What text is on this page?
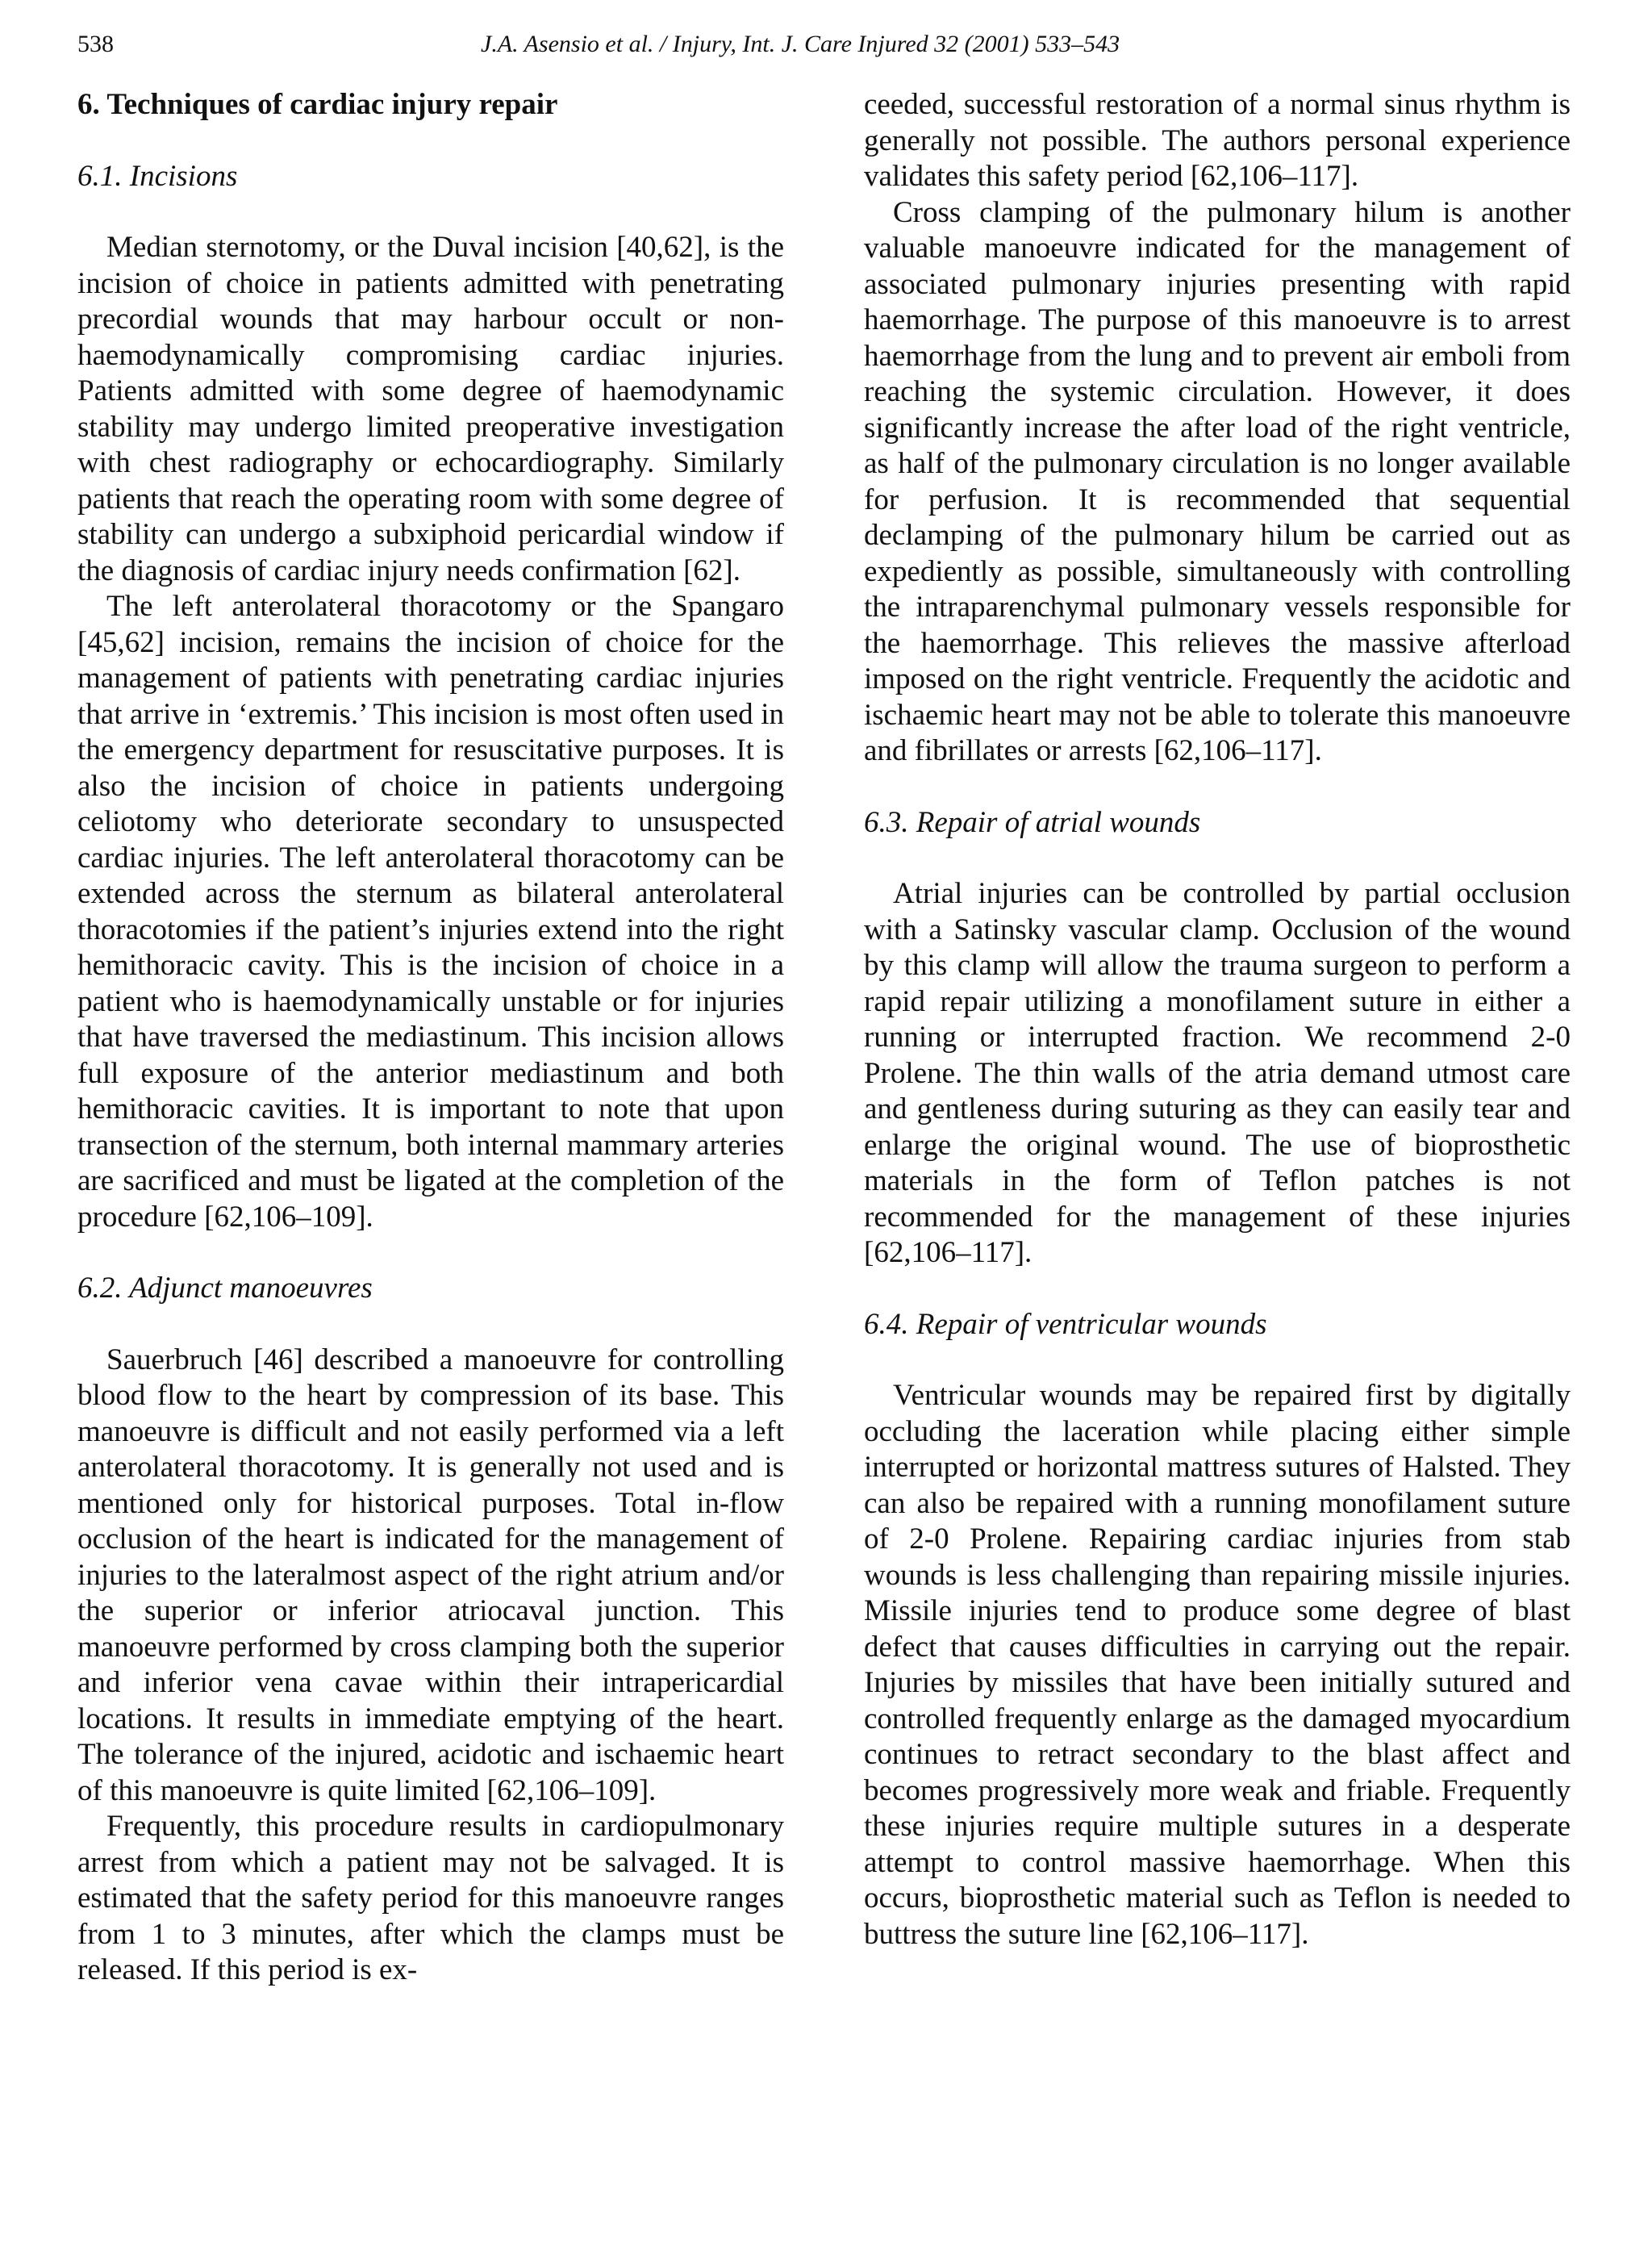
538	J.A. Asensio et al. / Injury, Int. J. Care Injured 32 (2001) 533–543
6. Techniques of cardiac injury repair
6.1. Incisions

Median sternotomy, or the Duval incision [40,62], is the incision of choice in patients admitted with penetrating precordial wounds that may harbour occult or non-haemodynamically compromising cardiac injuries. Patients admitted with some degree of haemodynamic stability may undergo limited preoperative investigation with chest radiography or echocardiography. Similarly patients that reach the operating room with some degree of stability can undergo a subxiphoid pericardial window if the diagnosis of cardiac injury needs confirmation [62].

The left anterolateral thoracotomy or the Spangaro [45,62] incision, remains the incision of choice for the management of patients with penetrating cardiac injuries that arrive in ‘extremis.’ This incision is most often used in the emergency department for resuscitative purposes. It is also the incision of choice in patients undergoing celiotomy who deteriorate secondary to unsuspected cardiac injuries. The left anterolateral thoracotomy can be extended across the sternum as bilateral anterolateral thoracotomies if the patient’s injuries extend into the right hemithoracic cavity. This is the incision of choice in a patient who is haemodynamically unstable or for injuries that have traversed the mediastinum. This incision allows full exposure of the anterior mediastinum and both hemithoracic cavities. It is important to note that upon transection of the sternum, both internal mammary arteries are sacrificed and must be ligated at the completion of the procedure [62,106–109].

6.2. Adjunct manoeuvres

Sauerbruch [46] described a manoeuvre for controlling blood flow to the heart by compression of its base. This manoeuvre is difficult and not easily performed via a left anterolateral thoracotomy. It is generally not used and is mentioned only for historical purposes. Total in-flow occlusion of the heart is indicated for the management of injuries to the lateralmost aspect of the right atrium and/or the superior or inferior atriocaval junction. This manoeuvre performed by cross clamping both the superior and inferior vena cavae within their intrapericardial locations. It results in immediate emptying of the heart. The tolerance of the injured, acidotic and ischaemic heart of this manoeuvre is quite limited [62,106–109].

Frequently, this procedure results in cardiopulmonary arrest from which a patient may not be salvaged. It is estimated that the safety period for this manoeuvre ranges from 1 to 3 minutes, after which the clamps must be released. If this period is ex-

ceeded, successful restoration of a normal sinus rhythm is generally not possible. The authors personal experience validates this safety period [62,106–117].

Cross clamping of the pulmonary hilum is another valuable manoeuvre indicated for the management of associated pulmonary injuries presenting with rapid haemorrhage. The purpose of this manoeuvre is to arrest haemorrhage from the lung and to prevent air emboli from reaching the systemic circulation. However, it does significantly increase the after load of the right ventricle, as half of the pulmonary circulation is no longer available for perfusion. It is recommended that sequential declamping of the pulmonary hilum be carried out as expediently as possible, simultaneously with controlling the intraparenchymal pulmonary vessels responsible for the haemorrhage. This relieves the massive afterload imposed on the right ventricle. Frequently the acidotic and ischaemic heart may not be able to tolerate this manoeuvre and fibrillates or arrests [62,106–117].

6.3. Repair of atrial wounds

Atrial injuries can be controlled by partial occlusion with a Satinsky vascular clamp. Occlusion of the wound by this clamp will allow the trauma surgeon to perform a rapid repair utilizing a monofilament suture in either a running or interrupted fraction. We recommend 2-0 Prolene. The thin walls of the atria demand utmost care and gentleness during suturing as they can easily tear and enlarge the original wound. The use of bioprosthetic materials in the form of Teflon patches is not recommended for the management of these injuries [62,106–117].

6.4. Repair of ventricular wounds

Ventricular wounds may be repaired first by digitally occluding the laceration while placing either simple interrupted or horizontal mattress sutures of Halsted. They can also be repaired with a running monofilament suture of 2-0 Prolene. Repairing cardiac injuries from stab wounds is less challenging than repairing missile injuries. Missile injuries tend to produce some degree of blast defect that causes difficulties in carrying out the repair. Injuries by missiles that have been initially sutured and controlled frequently enlarge as the damaged myocardium continues to retract secondary to the blast affect and becomes progressively more weak and friable. Frequently these injuries require multiple sutures in a desperate attempt to control massive haemorrhage. When this occurs, bioprosthetic material such as Teflon is needed to buttress the suture line [62,106–117].
